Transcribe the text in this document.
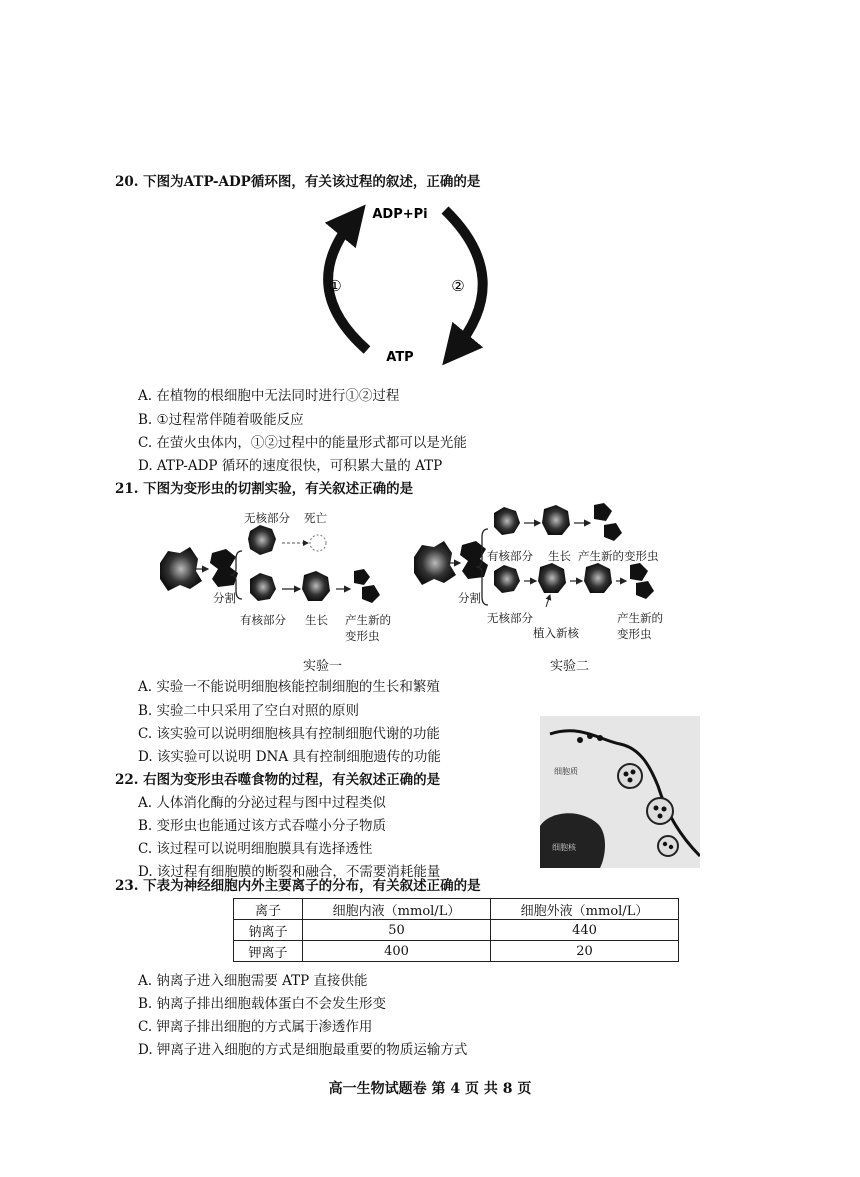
20. 下图为ATP-ADP循环图，有关该过程的叙述，正确的是
ADP+Pi
ATP
①	②
A. 在植物的根细胞中无法同时进行①②过程
B. ①过程常伴随着吸能反应
C. 在萤火虫体内，①②过程中的能量形式都可以是光能
D. ATP-ADP 循环的速度很快，可积累大量的 ATP
21. 下图为变形虫的切割实验，有关叙述正确的是
无核部分 死亡
分割
有核部分 生长 产生新的
变形虫
实验一
有核部分 生长 产生新的变形虫
分割
无核部分
植入新核
产生新的
变形虫
实验二
A. 实验一不能说明细胞核能控制细胞的生长和繁殖
B. 实验二中只采用了空白对照的原则
C. 该实验可以说明细胞核具有控制细胞代谢的功能
D. 该实验可以说明 DNA 具有控制细胞遗传的功能
22. 右图为变形虫吞噬食物的过程，有关叙述正确的是
A. 人体消化酶的分泌过程与图中过程类似
B. 变形虫也能通过该方式吞噬小分子物质
C. 该过程可以说明细胞膜具有选择透性
D. 该过程有细胞膜的断裂和融合，不需要消耗能量
细胞质
细胞核
23. 下表为神经细胞内外主要离子的分布，有关叙述正确的是
离子	细胞内液（mmol/L）	细胞外液（mmol/L）
钠离子	50	440
钾离子	400	20
A. 钠离子进入细胞需要 ATP 直接供能
B. 钠离子排出细胞载体蛋白不会发生形变
C. 钾离子排出细胞的方式属于渗透作用
D. 钾离子进入细胞的方式是细胞最重要的物质运输方式
高一生物试题卷 第 4 页 共 8 页
